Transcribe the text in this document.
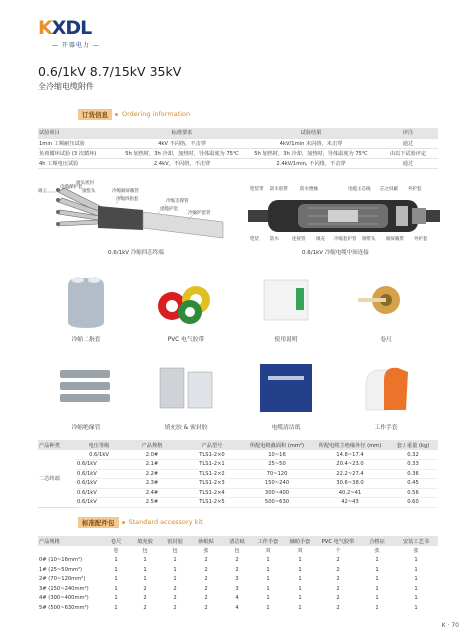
KXDL
— 开器电力 —
0.6/1kV 8.7/15kV 35kV
全冷缩电缆附件
订货信息	Ordering information
试验项目	标准要求	试验结果	评注
1min 工频耐压试验	4kV 不闪络，不击穿	4kV/1min 未闪络，未击穿	通过
负荷循环试验 (3 次循环)	5h 加热时，3h 冷却，加热时，导体温度为 75℃	5h 加热时，3h 冷却，加热时，导体温度为 75℃	由以下试验评定
4h 工频电压试验	2.4kV，不闪络，不击穿	2.4kV/1min, 不闪络，不击穿	通过
端子
端头密封
电缆保护套
指套头	冷缩铜屏蔽管
冷缩四指套
电缆护套
冷缩支撑管
冷缩护套管
0.6/1kV 冷缩四芯终端
防水胶带
铠装带	防水绝缘	电缆主芯线 芯之屏蔽 外护套
铠装 防水	连接管 填充 冷缩套护管 钢带头 铜屏蔽带 外护套
0.6/1kV 冷缩电缆中间连接
冷缩二指套	PVC 电气胶带	使用说明	卷尺
冷缩绝缘管	填充胶 & 密封胶	电缆清洁纸	工作手套
产品种类	电压等级	产品规格	产品型号	所配电缆截面积 (mm²)	所配电缆主绝缘外径 (mm)	套 / 重量 (kg)
二芯终端	0.6/1kV	2.0#	TLS1-2×0	10~16	14.8~17.4	0.32
	0.6/1kV	2.1#	TLS1-2×1	25~50	20.4~23.0	0.33
	0.6/1kV	2.2#	TLS1-2×2	70~120	22.2~27.4	0.36
	0.6/1kV	2.3#	TLS1-2×3	150~240	30.6~38.0	0.45
	0.6/1kV	2.4#	TLS1-2×4	300~400	40.2~41	0.56
	0.6/1kV	2.5#	TLS1-2×5	500~630	42~43	0.60
标准配件包	Standard accessory kit
产品规格	卷尺	填充胶	密封胶	砂纸贴	清洁纸	工作手套	辅助手套	PVC 电气胶带	合格证	安装工艺书
	卷	包	包	张	包	双	双	个	张	张
0# (10~16mm²)	1	1	1	2	2	1	1	2	1	1
1# (25~50mm²)	1	1	1	2	2	1	1	2	1	1
2# (70~120mm²)	1	1	1	2	3	1	1	2	1	1
3# (150~240mm²)	1	2	2	2	3	1	1	2	1	1
4# (300~400mm²)	1	2	2	2	4	1	1	2	1	1
5# (500~630mm²)	1	2	2	2	4	1	1	2	1	1
K · 70
